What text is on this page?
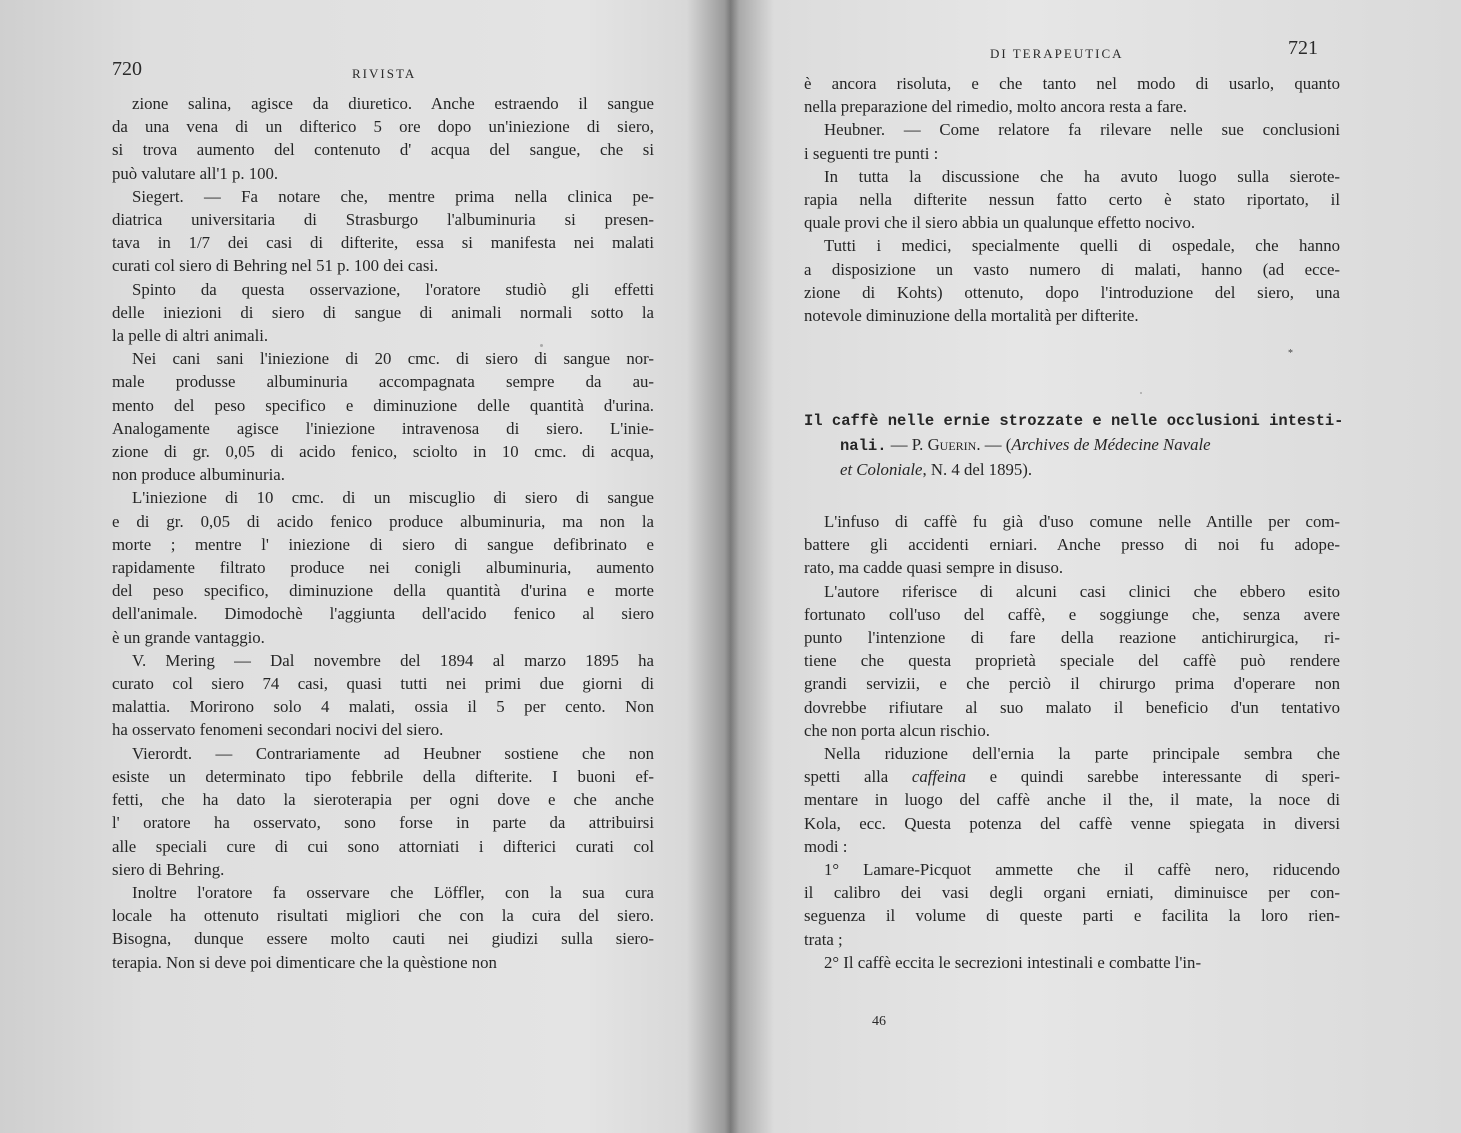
720	RIVISTA
zione salina, agisce da diuretico. Anche estraendo il sangue
da una vena di un difterico 5 ore dopo un'iniezione di siero,
si trova aumento del contenuto d' acqua del sangue, che si
può valutare all'1 p. 100.
Siegert. — Fa notare che, mentre prima nella clinica pe-
diatrica universitaria di Strasburgo l'albuminuria si presen-
tava in 1/7 dei casi di difterite, essa si manifesta nei malati
curati col siero di Behring nel 51 p. 100 dei casi.
Spinto da questa osservazione, l'oratore studiò gli effetti
delle iniezioni di siero di sangue di animali normali sotto la
la pelle di altri animali.
Nei cani sani l'iniezione di 20 cmc. di siero di sangue nor-
male produsse albuminuria accompagnata sempre da au-
mento del peso specifico e diminuzione delle quantità d'urina.
Analogamente agisce l'iniezione intravenosa di siero. L'inie-
zione di gr. 0,05 di acido fenico, sciolto in 10 cmc. di acqua,
non produce albuminuria.
L'iniezione di 10 cmc. di un miscuglio di siero di sangue
e di gr. 0,05 di acido fenico produce albuminuria, ma non la
morte ; mentre l' iniezione di siero di sangue defibrinato e
rapidamente filtrato produce nei conigli albuminuria, aumento
del peso specifico, diminuzione della quantità d'urina e morte
dell'animale. Dimodochè l'aggiunta dell'acido fenico al siero
è un grande vantaggio.
V. Mering — Dal novembre del 1894 al marzo 1895 ha
curato col siero 74 casi, quasi tutti nei primi due giorni di
malattia. Morirono solo 4 malati, ossia il 5 per cento. Non
ha osservato fenomeni secondari nocivi del siero.
Vierordt. — Contrariamente ad Heubner sostiene che non
esiste un determinato tipo febbrile della difterite. I buoni ef-
fetti, che ha dato la sieroterapia per ogni dove e che anche
l' oratore ha osservato, sono forse in parte da attribuirsi
alle speciali cure di cui sono attorniati i difterici curati col
siero di Behring.
Inoltre l'oratore fa osservare che Löffler, con la sua cura
locale ha ottenuto risultati migliori che con la cura del siero.
Bisogna, dunque essere molto cauti nei giudizi sulla siero-
terapia. Non si deve poi dimenticare che la quèstione non
DI TERAPEUTICA	721
è ancora risoluta, e che tanto nel modo di usarlo, quanto
nella preparazione del rimedio, molto ancora resta a fare.
Heubner. — Come relatore fa rilevare nelle sue conclusioni
i seguenti tre punti :
In tutta la discussione che ha avuto luogo sulla sierote-
rapia nella difterite nessun fatto certo è stato riportato, il
quale provi che il siero abbia un qualunque effetto nocivo.
Tutti i medici, specialmente quelli di ospedale, che hanno
a disposizione un vasto numero di malati, hanno (ad ecce-
zione di Kohts) ottenuto, dopo l'introduzione del siero, una
notevole diminuzione della mortalità per difterite.
*
Il caffè nelle ernie strozzate e nelle occlusioni intesti-
nali. — P. Guerin. — (Archives de Médecine Navale
et Coloniale, N. 4 del 1895).
L'infuso di caffè fu già d'uso comune nelle Antille per com-
battere gli accidenti erniari. Anche presso di noi fu adope-
rato, ma cadde quasi sempre in disuso.
L'autore riferisce di alcuni casi clinici che ebbero esito
fortunato coll'uso del caffè, e soggiunge che, senza avere
punto l'intenzione di fare della reazione antichirurgica, ri-
tiene che questa proprietà speciale del caffè può rendere
grandi servizii, e che perciò il chirurgo prima d'operare non
dovrebbe rifiutare al suo malato il beneficio d'un tentativo
che non porta alcun rischio.
Nella riduzione dell'ernia la parte principale sembra che
spetti alla caffeina e quindi sarebbe interessante di speri-
mentare in luogo del caffè anche il the, il mate, la noce di
Kola, ecc. Questa potenza del caffè venne spiegata in diversi
modi :
1° Lamare-Picquot ammette che il caffè nero, riducendo
il calibro dei vasi degli organi erniati, diminuisce per con-
seguenza il volume di queste parti e facilita la loro rien-
trata ;
2° Il caffè eccita le secrezioni intestinali e combatte l'in-
46
